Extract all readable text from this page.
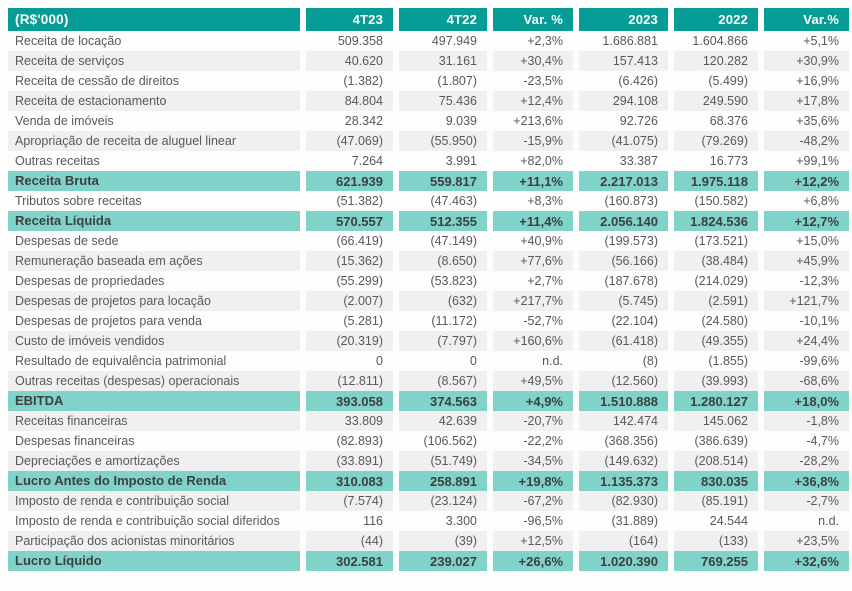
(R$'000)	4T23	4T22	Var. %	2023	2022	Var.%
Receita de locação	509.358	497.949	+2,3%	1.686.881	1.604.866	+5,1%
Receita de serviços	40.620	31.161	+30,4%	157.413	120.282	+30,9%
Receita de cessão de direitos	(1.382)	(1.807)	-23,5%	(6.426)	(5.499)	+16,9%
Receita de estacionamento	84.804	75.436	+12,4%	294.108	249.590	+17,8%
Venda de imóveis	28.342	9.039	+213,6%	92.726	68.376	+35,6%
Apropriação de receita de aluguel linear	(47.069)	(55.950)	-15,9%	(41.075)	(79.269)	-48,2%
Outras receitas	7.264	3.991	+82,0%	33.387	16.773	+99,1%
Receita Bruta	621.939	559.817	+11,1%	2.217.013	1.975.118	+12,2%
Tributos sobre receitas	(51.382)	(47.463)	+8,3%	(160.873)	(150.582)	+6,8%
Receita Líquida	570.557	512.355	+11,4%	2.056.140	1.824.536	+12,7%
Despesas de sede	(66.419)	(47.149)	+40,9%	(199.573)	(173.521)	+15,0%
Remuneração baseada em ações	(15.362)	(8.650)	+77,6%	(56.166)	(38.484)	+45,9%
Despesas de propriedades	(55.299)	(53.823)	+2,7%	(187.678)	(214.029)	-12,3%
Despesas de projetos para locação	(2.007)	(632)	+217,7%	(5.745)	(2.591)	+121,7%
Despesas de projetos para venda	(5.281)	(11.172)	-52,7%	(22.104)	(24.580)	-10,1%
Custo de imóveis vendidos	(20.319)	(7.797)	+160,6%	(61.418)	(49.355)	+24,4%
Resultado de equivalência patrimonial	0	0	n.d.	(8)	(1.855)	-99,6%
Outras receitas (despesas) operacionais	(12.811)	(8.567)	+49,5%	(12.560)	(39.993)	-68,6%
EBITDA	393.058	374.563	+4,9%	1.510.888	1.280.127	+18,0%
Receitas financeiras	33.809	42.639	-20,7%	142.474	145.062	-1,8%
Despesas financeiras	(82.893)	(106.562)	-22,2%	(368.356)	(386.639)	-4,7%
Depreciações e amortizações	(33.891)	(51.749)	-34,5%	(149.632)	(208.514)	-28,2%
Lucro Antes do Imposto de Renda	310.083	258.891	+19,8%	1.135.373	830.035	+36,8%
Imposto de renda e contribuição social	(7.574)	(23.124)	-67,2%	(82.930)	(85.191)	-2,7%
Imposto de renda e contribuição social diferidos	116	3.300	-96,5%	(31.889)	24.544	n.d.
Participação dos acionistas minoritários	(44)	(39)	+12,5%	(164)	(133)	+23,5%
Lucro Líquido	302.581	239.027	+26,6%	1.020.390	769.255	+32,6%
